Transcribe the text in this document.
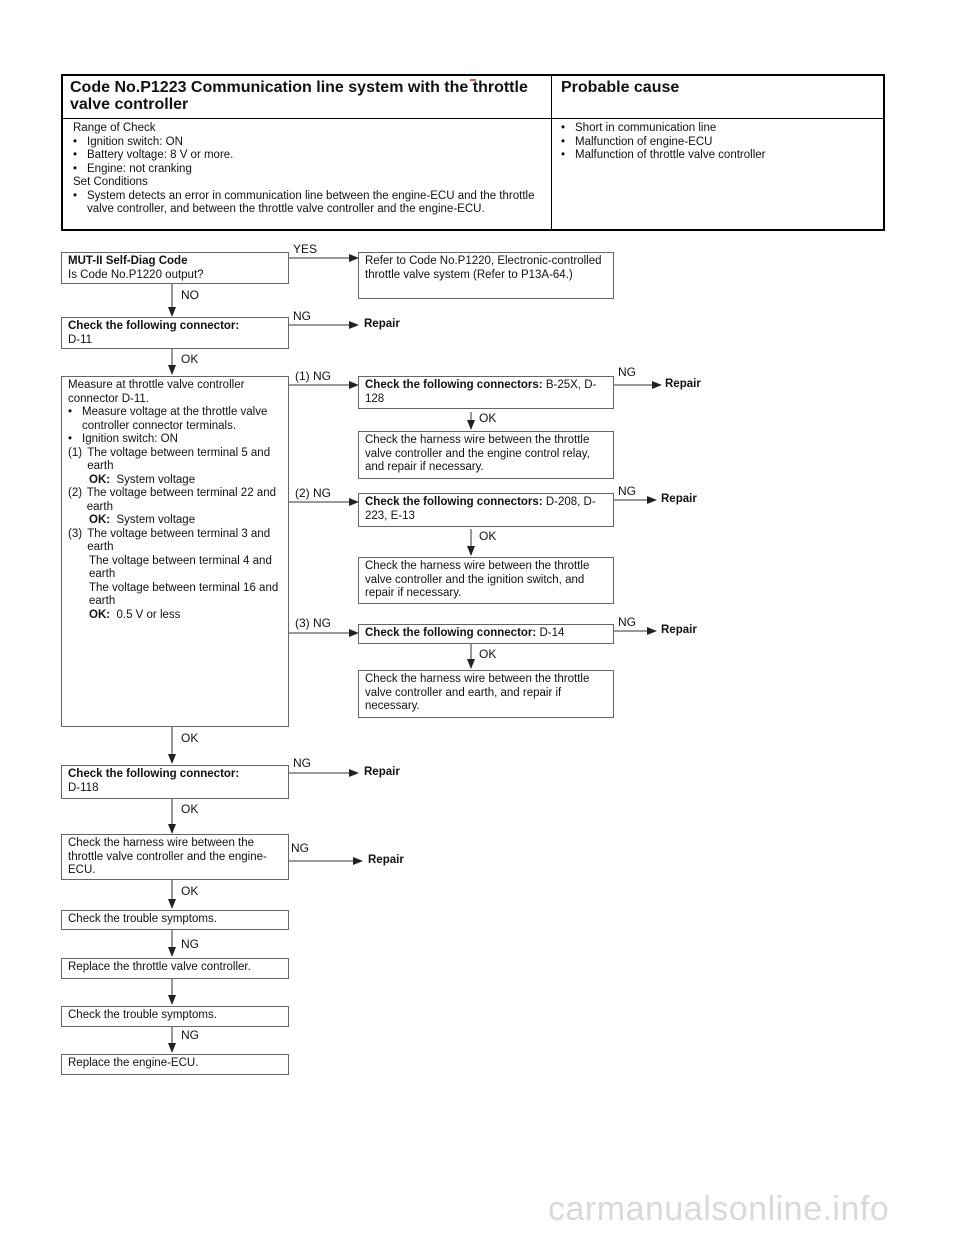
Code No.P1223 Communication line system with the throttle valve controller
Probable cause
Range of Check
• Ignition switch: ON
• Battery voltage: 8 V or more.
• Engine: not cranking
Set Conditions
• System detects an error in communication line between the engine-ECU and the throttle valve controller, and between the throttle valve controller and the engine-ECU.
• Short in communication line
• Malfunction of engine-ECU
• Malfunction of throttle valve controller
MUT-II Self-Diag Code
Is Code No.P1220 output?
YES
Refer to Code No.P1220, Electronic-controlled throttle valve system (Refer to P13A-64.)
NO
Check the following connector:
D-11
NG
Repair
OK

Measure at throttle valve controller

connector D-11.

• Measure voltage at the throttle valve controller connector terminals.

• Ignition switch: ON

(1) The voltage between terminal 5 and earth

OK: System voltage

(2) The voltage between terminal 22 and earth

OK: System voltage

(3) The voltage between terminal 3 and earth

The voltage between terminal 4 and earth

The voltage between terminal 16 and earth

OK: 0.5 V or less

(1) NG
Check the following connectors: B-25X, D-128
NG
Repair
OK
Check the harness wire between the throttle valve controller and the engine control relay, and repair if necessary.
(2) NG
Check the following connectors: D-208, D-223, E-13
NG
Repair
OK
Check the harness wire between the throttle valve controller and the ignition switch, and repair if necessary.
(3) NG
Check the following connector: D-14
NG
Repair
OK
Check the harness wire between the throttle valve controller and earth, and repair if necessary.
OK
Check the following connector:
D-118
NG
Repair
OK
Check the harness wire between the throttle valve controller and the engine-ECU.
NG
Repair
OK
Check the trouble symptoms.
NG
Replace the throttle valve controller.
Check the trouble symptoms.
NG
Replace the engine-ECU.
carmanualsonline.info
